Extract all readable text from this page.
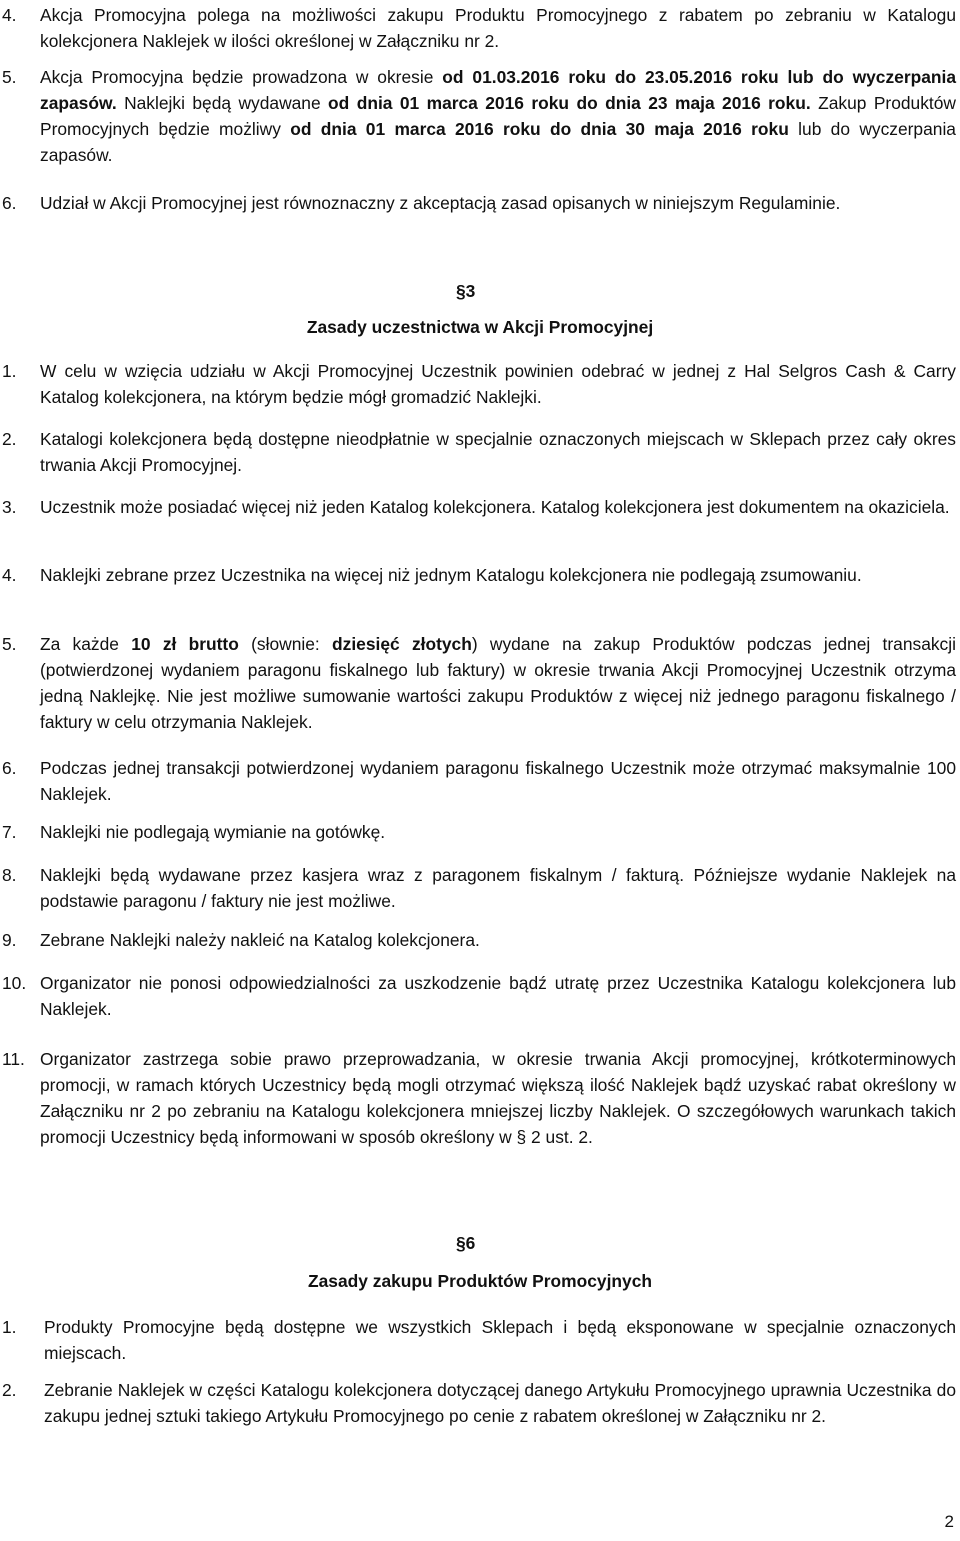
4. Akcja Promocyjna polega na możliwości zakupu Produktu Promocyjnego z rabatem po zebraniu w Katalogu kolekcjonera Naklejek w ilości określonej w Załączniku nr 2.
5. Akcja Promocyjna będzie prowadzona w okresie od 01.03.2016 roku do 23.05.2016 roku lub do wyczerpania zapasów. Naklejki będą wydawane od dnia 01 marca 2016 roku do dnia 23 maja 2016 roku. Zakup Produktów Promocyjnych będzie możliwy od dnia 01 marca 2016 roku do dnia 30 maja 2016 roku lub do wyczerpania zapasów.
6. Udział w Akcji Promocyjnej jest równoznaczny z akceptacją zasad opisanych w niniejszym Regulaminie.
§3
Zasady uczestnictwa w Akcji Promocyjnej
1. W celu w wzięcia udziału w Akcji Promocyjnej Uczestnik powinien odebrać w jednej z Hal Selgros Cash & Carry Katalog kolekcjonera, na którym będzie mógł gromadzić Naklejki.
2. Katalogi kolekcjonera będą dostępne nieodpłatnie w specjalnie oznaczonych miejscach w Sklepach przez cały okres trwania Akcji Promocyjnej.
3. Uczestnik może posiadać więcej niż jeden Katalog kolekcjonera. Katalog kolekcjonera jest dokumentem na okaziciela.
4. Naklejki zebrane przez Uczestnika na więcej niż jednym Katalogu kolekcjonera nie podlegają zsumowaniu.
5. Za każde 10 zł brutto (słownie: dziesięć złotych) wydane na zakup Produktów podczas jednej transakcji (potwierdzonej wydaniem paragonu fiskalnego lub faktury) w okresie trwania Akcji Promocyjnej Uczestnik otrzyma jedną Naklejkę. Nie jest możliwe sumowanie wartości zakupu Produktów z więcej niż jednego paragonu fiskalnego / faktury w celu otrzymania Naklejek.
6. Podczas jednej transakcji potwierdzonej wydaniem paragonu fiskalnego Uczestnik może otrzymać maksymalnie 100 Naklejek.
7. Naklejki nie podlegają wymianie na gotówkę.
8. Naklejki będą wydawane przez kasjera wraz z paragonem fiskalnym / fakturą. Późniejsze wydanie Naklejek na podstawie paragonu / faktury nie jest możliwe.
9. Zebrane Naklejki należy nakleić na Katalog kolekcjonera.
10. Organizator nie ponosi odpowiedzialności za uszkodzenie bądź utratę przez Uczestnika Katalogu kolekcjonera lub Naklejek.
11. Organizator zastrzega sobie prawo przeprowadzania, w okresie trwania Akcji promocyjnej, krótkoterminowych promocji, w ramach których Uczestnicy będą mogli otrzymać większą ilość Naklejek bądź uzyskać rabat określony w Załączniku nr 2 po zebraniu na Katalogu kolekcjonera mniejszej liczby Naklejek. O szczegółowych warunkach takich promocji Uczestnicy będą informowani w sposób określony w § 2 ust. 2.
§6
Zasady zakupu Produktów Promocyjnych
1. Produkty Promocyjne będą dostępne we wszystkich Sklepach i będą eksponowane w specjalnie oznaczonych miejscach.
2. Zebranie Naklejek w części Katalogu kolekcjonera dotyczącej danego Artykułu Promocyjnego uprawnia Uczestnika do zakupu jednej sztuki takiego Artykułu Promocyjnego po cenie z rabatem określonej w Załączniku nr 2.
2
